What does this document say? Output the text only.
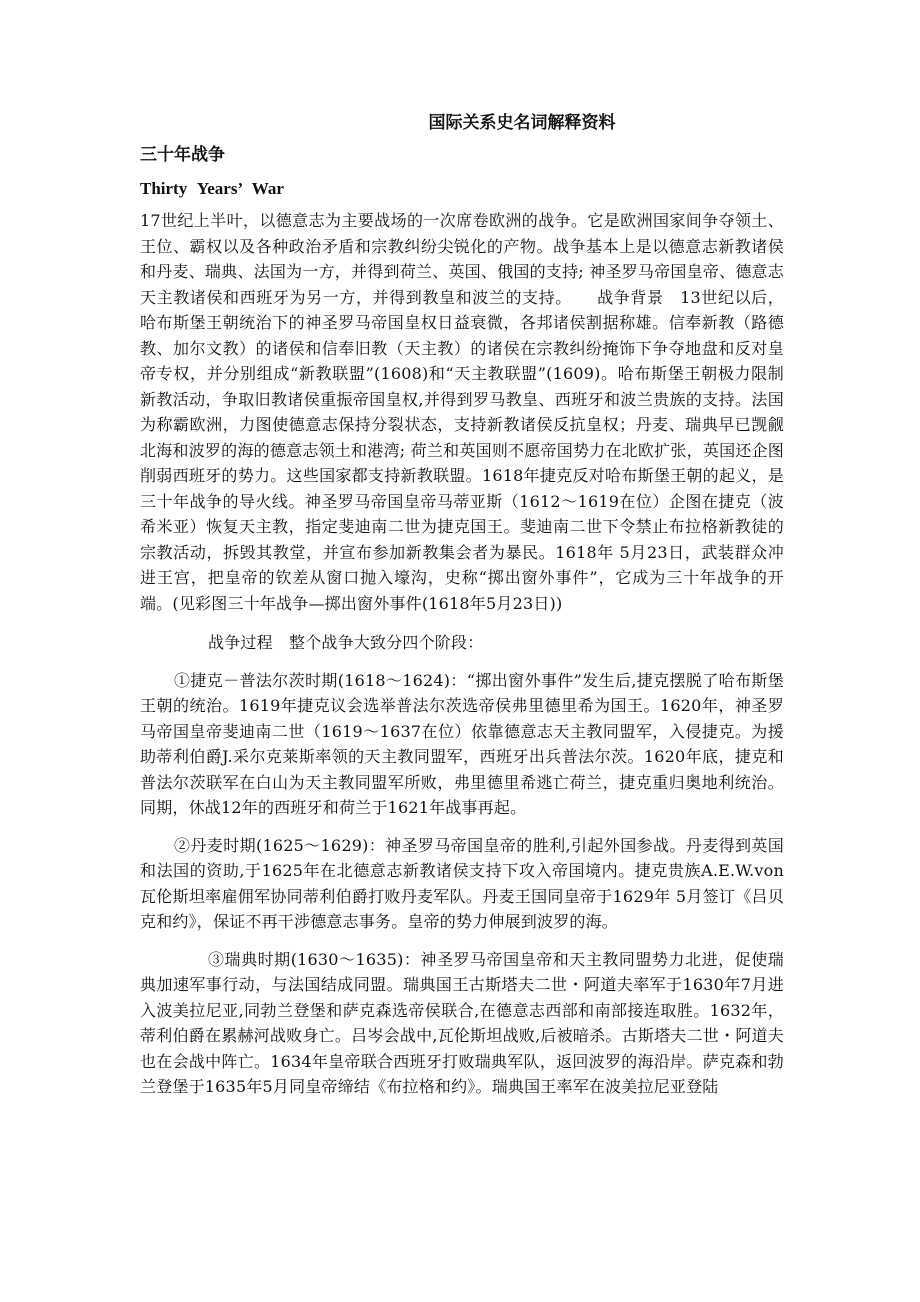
国际关系史名词解释资料
三十年战争
Thirty Years’ War

17世纪上半叶，以德意志为主要战场的一次席卷欧洲的战争。它是欧洲国家间争夺领土、王位、霸权以及各种政治矛盾和宗教纠纷尖锐化的产物。战争基本上是以德意志新教诸侯和丹麦、瑞典、法国为一方，并得到荷兰、英国、俄国的支持; 神圣罗马帝国皇帝、德意志天主教诸侯和西班牙为另一方，并得到教皇和波兰的支持。　　战争背景　13世纪以后，哈布斯堡王朝统治下的神圣罗马帝国皇权日益衰微，各邦诸侯割据称雄。信奉新教（路德教、加尔文教）的诸侯和信奉旧教（天主教）的诸侯在宗教纠纷掩饰下争夺地盘和反对皇帝专权，并分别组成“新教联盟”(1608)和“天主教联盟”(1609)。哈布斯堡王朝极力限制新教活动，争取旧教诸侯重振帝国皇权,并得到罗马教皇、西班牙和波兰贵族的支持。法国为称霸欧洲，力图使德意志保持分裂状态，支持新教诸侯反抗皇权；丹麦、瑞典早已觊觎北海和波罗的海的德意志领土和港湾; 荷兰和英国则不愿帝国势力在北欧扩张，英国还企图削弱西班牙的势力。这些国家都支持新教联盟。1618年捷克反对哈布斯堡王朝的起义，是三十年战争的导火线。神圣罗马帝国皇帝马蒂亚斯（1612～1619在位）企图在捷克（波希米亚）恢复天主教，指定斐迪南二世为捷克国王。斐迪南二世下令禁止布拉格新教徒的宗教活动，拆毁其教堂，并宣布参加新教集会者为暴民。1618年 5月23日，武装群众冲进王宫，把皇帝的钦差从窗口抛入壕沟，史称“掷出窗外事件”，它成为三十年战争的开端。(见彩图三十年战争—掷出窗外事件(1618年5月23日))

战争过程　整个战争大致分四个阶段：

①捷克－普法尔茨时期(1618～1624)：“掷出窗外事件”发生后,捷克摆脱了哈布斯堡王朝的统治。1619年捷克议会选举普法尔茨选帝侯弗里德里希为国王。1620年，神圣罗马帝国皇帝斐迪南二世（1619～1637在位）依靠德意志天主教同盟军，入侵捷克。为援助蒂利伯爵J.采尔克莱斯率领的天主教同盟军，西班牙出兵普法尔茨。1620年底，捷克和普法尔茨联军在白山为天主教同盟军所败，弗里德里希逃亡荷兰，捷克重归奥地利统治。同期，休战12年的西班牙和荷兰于1621年战事再起。

②丹麦时期(1625～1629)：神圣罗马帝国皇帝的胜利,引起外国参战。丹麦得到英国和法国的资助,于1625年在北德意志新教诸侯支持下攻入帝国境内。捷克贵族A.E.W.von 瓦伦斯坦率雇佣军协同蒂利伯爵打败丹麦军队。丹麦王国同皇帝于1629年 5月签订《吕贝克和约》，保证不再干涉德意志事务。皇帝的势力伸展到波罗的海。

③瑞典时期(1630～1635)：神圣罗马帝国皇帝和天主教同盟势力北进，促使瑞典加速军事行动，与法国结成同盟。瑞典国王古斯塔夫二世・阿道夫率军于1630年7月进入波美拉尼亚,同勃兰登堡和萨克森选帝侯联合,在德意志西部和南部接连取胜。1632年，蒂利伯爵在累赫河战败身亡。吕岑会战中,瓦伦斯坦战败,后被暗杀。古斯塔夫二世・阿道夫也在会战中阵亡。1634年皇帝联合西班牙打败瑞典军队，返回波罗的海沿岸。萨克森和勃兰登堡于1635年5月同皇帝缔结《布拉格和约》。瑞典国王率军在波美拉尼亚登陆
